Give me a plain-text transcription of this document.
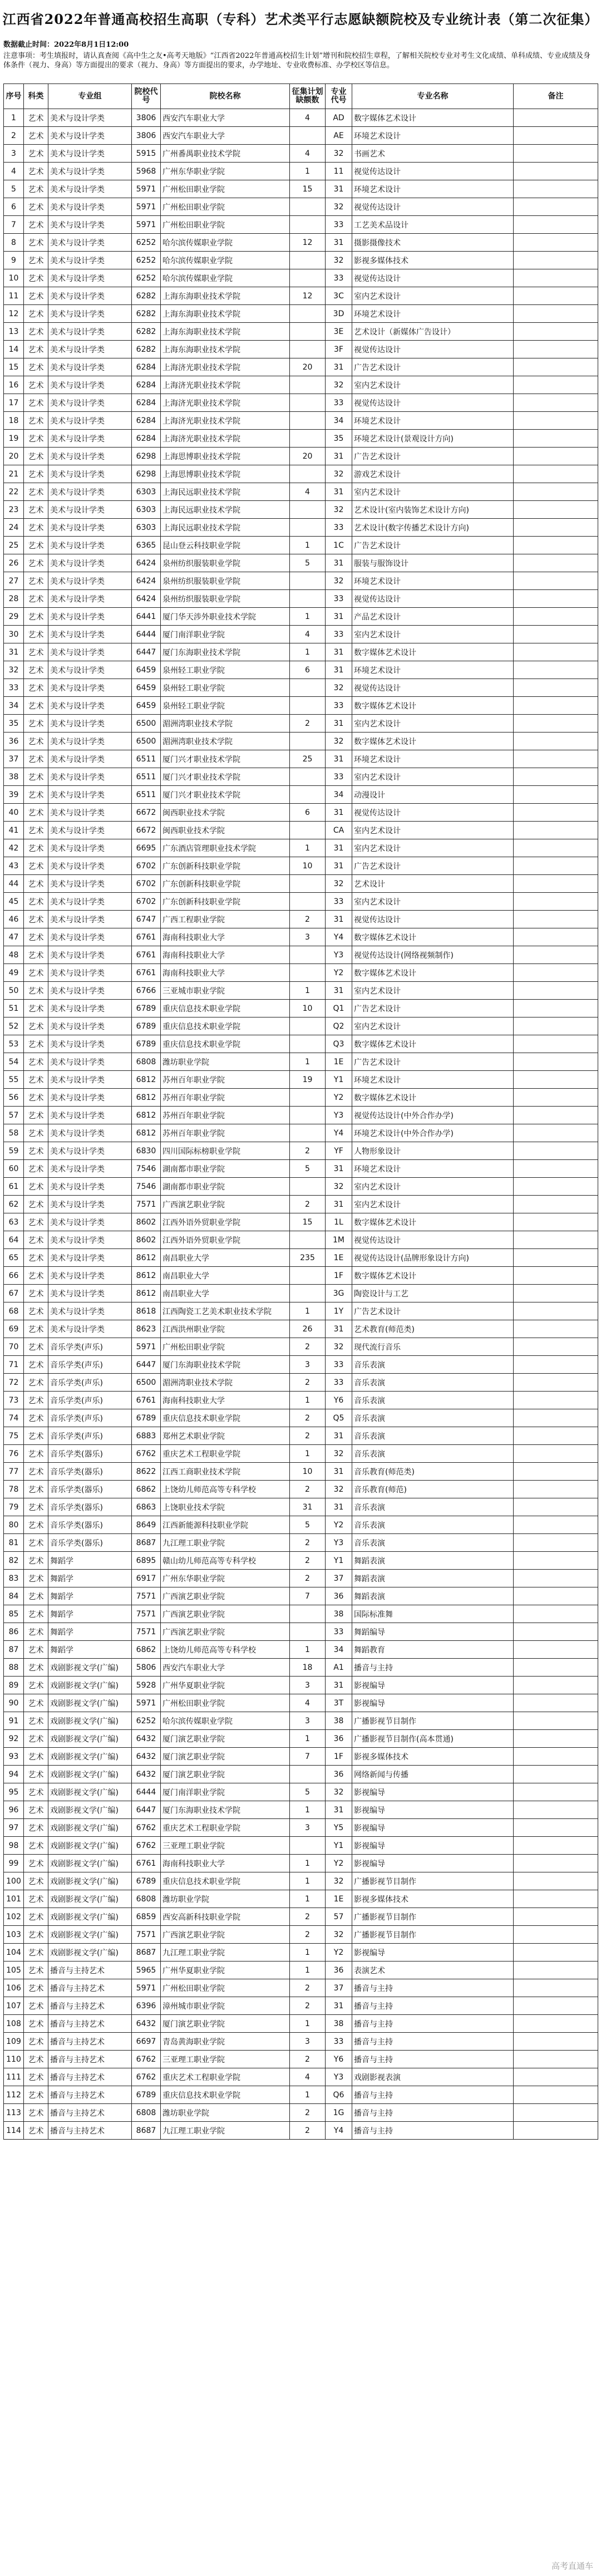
江西省2022年普通高校招生高职（专科）艺术类平行志愿缺额院校及专业统计表（第二次征集）
数据截止时间：2022年8月1日12:00
注意事项：考生填报时，请认真查阅《高中生之友•高考天地版》“江西省2022年普通高校招生计划”增刊和院校招生章程，了解相关院校专业对考生文化成绩、单科成绩、专业成绩及身体条件（视力、身高）等方面提出的要求（视力、身高）等方面提出的要求，办学地址、专业收费标准、办学校区等信息。
序号	科类	专业组	院校代号	院校名称	征集计划缺额数	专业代号	专业名称	备注
1	艺术	美术与设计学类	3806	西安汽车职业大学	4	AD	数字媒体艺术设计	
2	艺术	美术与设计学类	3806	西安汽车职业大学		AE	环境艺术设计	
3	艺术	美术与设计学类	5915	广州番禺职业技术学院	4	32	书画艺术	
4	艺术	美术与设计学类	5968	广州东华职业学院	1	11	视觉传达设计	
5	艺术	美术与设计学类	5971	广州松田职业学院	15	31	环境艺术设计	
6	艺术	美术与设计学类	5971	广州松田职业学院		32	视觉传达设计	
7	艺术	美术与设计学类	5971	广州松田职业学院		33	工艺美术品设计	
8	艺术	美术与设计学类	6252	哈尔滨传媒职业学院	12	31	摄影摄像技术	
9	艺术	美术与设计学类	6252	哈尔滨传媒职业学院		32	影视多媒体技术	
10	艺术	美术与设计学类	6252	哈尔滨传媒职业学院		33	视觉传达设计	
11	艺术	美术与设计学类	6282	上海东海职业技术学院	12	3C	室内艺术设计	
12	艺术	美术与设计学类	6282	上海东海职业技术学院		3D	环境艺术设计	
13	艺术	美术与设计学类	6282	上海东海职业技术学院		3E	艺术设计（新媒体广告设计）	
14	艺术	美术与设计学类	6282	上海东海职业技术学院		3F	视觉传达设计	
15	艺术	美术与设计学类	6284	上海济光职业技术学院	20	31	广告艺术设计	
16	艺术	美术与设计学类	6284	上海济光职业技术学院		32	室内艺术设计	
17	艺术	美术与设计学类	6284	上海济光职业技术学院		33	视觉传达设计	
18	艺术	美术与设计学类	6284	上海济光职业技术学院		34	环境艺术设计	
19	艺术	美术与设计学类	6284	上海济光职业技术学院		35	环境艺术设计(景观设计方向)	
20	艺术	美术与设计学类	6298	上海思博职业技术学院	20	31	广告艺术设计	
21	艺术	美术与设计学类	6298	上海思博职业技术学院		32	游戏艺术设计	
22	艺术	美术与设计学类	6303	上海民远职业技术学院	4	31	室内艺术设计	
23	艺术	美术与设计学类	6303	上海民远职业技术学院		32	艺术设计(室内装饰艺术设计方向)	
24	艺术	美术与设计学类	6303	上海民远职业技术学院		33	艺术设计(数字传播艺术设计方向)	
25	艺术	美术与设计学类	6365	昆山登云科技职业学院	1	1C	广告艺术设计	
26	艺术	美术与设计学类	6424	泉州纺织服装职业学院	5	31	服装与服饰设计	
27	艺术	美术与设计学类	6424	泉州纺织服装职业学院		32	环境艺术设计	
28	艺术	美术与设计学类	6424	泉州纺织服装职业学院		33	视觉传达设计	
29	艺术	美术与设计学类	6441	厦门华天涉外职业技术学院	1	31	产品艺术设计	
30	艺术	美术与设计学类	6444	厦门南洋职业学院	4	33	室内艺术设计	
31	艺术	美术与设计学类	6447	厦门东海职业技术学院	1	31	数字媒体艺术设计	
32	艺术	美术与设计学类	6459	泉州轻工职业学院	6	31	环境艺术设计	
33	艺术	美术与设计学类	6459	泉州轻工职业学院		32	视觉传达设计	
34	艺术	美术与设计学类	6459	泉州轻工职业学院		33	数字媒体艺术设计	
35	艺术	美术与设计学类	6500	湄洲湾职业技术学院	2	31	室内艺术设计	
36	艺术	美术与设计学类	6500	湄洲湾职业技术学院		32	数字媒体艺术设计	
37	艺术	美术与设计学类	6511	厦门兴才职业技术学院	25	31	环境艺术设计	
38	艺术	美术与设计学类	6511	厦门兴才职业技术学院		33	室内艺术设计	
39	艺术	美术与设计学类	6511	厦门兴才职业技术学院		34	动漫设计	
40	艺术	美术与设计学类	6672	闽西职业技术学院	6	31	视觉传达设计	
41	艺术	美术与设计学类	6672	闽西职业技术学院		CA	室内艺术设计	
42	艺术	美术与设计学类	6695	广东酒店管理职业技术学院	1	31	室内艺术设计	
43	艺术	美术与设计学类	6702	广东创新科技职业学院	10	31	广告艺术设计	
44	艺术	美术与设计学类	6702	广东创新科技职业学院		32	艺术设计	
45	艺术	美术与设计学类	6702	广东创新科技职业学院		33	室内艺术设计	
46	艺术	美术与设计学类	6747	广西工程职业学院	2	31	视觉传达设计	
47	艺术	美术与设计学类	6761	海南科技职业大学	3	Y4	数字媒体艺术设计	
48	艺术	美术与设计学类	6761	海南科技职业大学		Y3	视觉传达设计(网络视频制作)	
49	艺术	美术与设计学类	6761	海南科技职业大学		Y2	数字媒体艺术设计	
50	艺术	美术与设计学类	6766	三亚城市职业学院	1	31	室内艺术设计	
51	艺术	美术与设计学类	6789	重庆信息技术职业学院	10	Q1	广告艺术设计	
52	艺术	美术与设计学类	6789	重庆信息技术职业学院		Q2	室内艺术设计	
53	艺术	美术与设计学类	6789	重庆信息技术职业学院		Q3	数字媒体艺术设计	
54	艺术	美术与设计学类	6808	潍坊职业学院	1	1E	广告艺术设计	
55	艺术	美术与设计学类	6812	苏州百年职业学院	19	Y1	环境艺术设计	
56	艺术	美术与设计学类	6812	苏州百年职业学院		Y2	数字媒体艺术设计	
57	艺术	美术与设计学类	6812	苏州百年职业学院		Y3	视觉传达设计(中外合作办学)	
58	艺术	美术与设计学类	6812	苏州百年职业学院		Y4	环境艺术设计(中外合作办学)	
59	艺术	美术与设计学类	6830	四川国际标榜职业学院	2	YF	人物形象设计	
60	艺术	美术与设计学类	7546	湖南都市职业学院	5	31	环境艺术设计	
61	艺术	美术与设计学类	7546	湖南都市职业学院		32	室内艺术设计	
62	艺术	美术与设计学类	7571	广西演艺职业学院	2	31	室内艺术设计	
63	艺术	美术与设计学类	8602	江西外语外贸职业学院	15	1L	数字媒体艺术设计	
64	艺术	美术与设计学类	8602	江西外语外贸职业学院		1M	视觉传达设计	
65	艺术	美术与设计学类	8612	南昌职业大学	235	1E	视觉传达设计(品牌形象设计方向)	
66	艺术	美术与设计学类	8612	南昌职业大学		1F	数字媒体艺术设计	
67	艺术	美术与设计学类	8612	南昌职业大学		3G	陶瓷设计与工艺	
68	艺术	美术与设计学类	8618	江西陶瓷工艺美术职业技术学院	1	1Y	广告艺术设计	
69	艺术	美术与设计学类	8623	江西洪州职业学院	26	31	艺术教育(师范类)	
70	艺术	音乐学类(声乐)	5971	广州松田职业学院	2	32	现代流行音乐	
71	艺术	音乐学类(声乐)	6447	厦门东海职业技术学院	3	33	音乐表演	
72	艺术	音乐学类(声乐)	6500	湄洲湾职业技术学院	2	33	音乐表演	
73	艺术	音乐学类(声乐)	6761	海南科技职业大学	1	Y6	音乐表演	
74	艺术	音乐学类(声乐)	6789	重庆信息技术职业学院	2	Q5	音乐表演	
75	艺术	音乐学类(声乐)	6883	郑州艺术职业学院	2	31	音乐表演	
76	艺术	音乐学类(器乐)	6762	重庆艺术工程职业学院	1	32	音乐表演	
77	艺术	音乐学类(器乐)	8622	江西工商职业技术学院	10	31	音乐教育(师范类)	
78	艺术	音乐学类(器乐)	6862	上饶幼儿师范高等专科学校	2	32	音乐教育(师范)	
79	艺术	音乐学类(器乐)	6863	上饶职业技术学院	31	31	音乐表演	
80	艺术	音乐学类(器乐)	8649	江西新能源科技职业学院	5	Y2	音乐表演	
81	艺术	音乐学类(器乐)	8687	九江理工职业学院	2	Y3	音乐表演	
82	艺术	舞蹈学	6895	赣山幼儿师范高等专科学校	2	Y1	舞蹈表演	
83	艺术	舞蹈学	6917	广州东华职业学院	2	37	舞蹈表演	
84	艺术	舞蹈学	7571	广西演艺职业学院	7	36	舞蹈表演	
85	艺术	舞蹈学	7571	广西演艺职业学院		38	国际标准舞	
86	艺术	舞蹈学	7571	广西演艺职业学院		33	舞蹈编导	
87	艺术	舞蹈学	6862	上饶幼儿师范高等专科学校	1	34	舞蹈教育	
88	艺术	戏剧影视文学(广编)	5806	西安汽车职业大学	18	A1	播音与主持	
89	艺术	戏剧影视文学(广编)	5928	广州华夏职业学院	3	31	影视编导	
90	艺术	戏剧影视文学(广编)	5971	广州松田职业学院	4	3T	影视编导	
91	艺术	戏剧影视文学(广编)	6252	哈尔滨传媒职业学院	3	38	广播影视节目制作	
92	艺术	戏剧影视文学(广编)	6432	厦门演艺职业学院	1	36	广播影视节目制作(高本贯通)	
93	艺术	戏剧影视文学(广编)	6432	厦门演艺职业学院	7	1F	影视多媒体技术	
94	艺术	戏剧影视文学(广编)	6432	厦门演艺职业学院		36	网络新闻与传播	
95	艺术	戏剧影视文学(广编)	6444	厦门南洋职业学院	5	32	影视编导	
96	艺术	戏剧影视文学(广编)	6447	厦门东海职业技术学院	1	31	影视编导	
97	艺术	戏剧影视文学(广编)	6762	重庆艺术工程职业学院	3	Y5	影视编导	
98	艺术	戏剧影视文学(广编)	6762	三亚理工职业学院		Y1	影视编导	
99	艺术	戏剧影视文学(广编)	6761	海南科技职业大学	1	Y2	影视编导	
100	艺术	戏剧影视文学(广编)	6789	重庆信息技术职业学院	1	32	广播影视节目制作	
101	艺术	戏剧影视文学(广编)	6808	潍坊职业学院	1	1E	影视多媒体技术	
102	艺术	戏剧影视文学(广编)	6859	西安高新科技职业学院	2	57	广播影视节目制作	
103	艺术	戏剧影视文学(广编)	7571	广西演艺职业学院	2	32	广播影视节目制作	
104	艺术	戏剧影视文学(广编)	8687	九江理工职业学院	1	Y2	影视编导	
105	艺术	播音与主持艺术	5965	广州华夏职业学院	1	36	表演艺术	
106	艺术	播音与主持艺术	5971	广州松田职业学院	2	37	播音与主持	
107	艺术	播音与主持艺术	6396	漳州城市职业学院	2	31	播音与主持	
108	艺术	播音与主持艺术	6432	厦门演艺职业学院	1	38	播音与主持	
109	艺术	播音与主持艺术	6697	青岛黄海职业学院	3	33	播音与主持	
110	艺术	播音与主持艺术	6762	三亚理工职业学院	2	Y6	播音与主持	
111	艺术	播音与主持艺术	6762	重庆艺术工程职业学院	4	Y3	戏剧影视表演	
112	艺术	播音与主持艺术	6789	重庆信息技术职业学院	1	Q6	播音与主持	
113	艺术	播音与主持艺术	6808	潍坊职业学院	2	1G	播音与主持	
114	艺术	播音与主持艺术	8687	九江理工职业学院	2	Y4	播音与主持	
高考直通车
